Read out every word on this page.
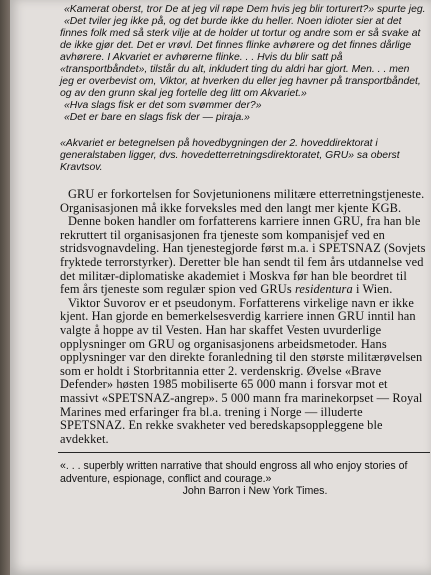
«Kamerat oberst, tror De at jeg vil røpe Dem hvis jeg blir torturert?» spurte jeg.

«Det tviler jeg ikke på, og det burde ikke du heller. Noen idioter sier at det finnes folk med så sterk vilje at de holder ut tortur og andre som er så svake at de ikke gjør det. Det er vrøvl. Det finnes flinke avhørere og det finnes dårlige avhørere. I Akvariet er avhørerne flinke. . . Hvis du blir satt på «transportbåndet», tilstår du alt, inkludert ting du aldri har gjort. Men. . . men jeg er overbevist om, Viktor, at hverken du eller jeg havner på transportbåndet, og av den grunn skal jeg fortelle deg litt om Akvariet.»

«Hva slags fisk er det som svømmer der?»

«Det er bare en slags fisk der — piraja.»

«Akvariet er betegnelsen på hovedbygningen der 2. hoveddirektorat i generalstaben ligger, dvs. hovedetterretningsdirektoratet, GRU» sa oberst Kravtsov.

GRU er forkortelsen for Sovjetunionens militære etterretningstjeneste. Organisasjonen må ikke forveksles med den langt mer kjente KGB.

Denne boken handler om forfatterens karriere innen GRU, fra han ble rekruttert til organisasjonen fra tjeneste som kompanisjef ved en stridsvognavdeling. Han tjenestegjorde først m.a. i SPETSNAZ (Sovjets fryktede terrorstyrker). Deretter ble han sendt til fem års utdannelse ved det militær-diplomatiske akademiet i Moskva før han ble beordret til fem års tjeneste som regulær spion ved GRUs residentura i Wien.

Viktor Suvorov er et pseudonym. Forfatterens virkelige navn er ikke kjent. Han gjorde en bemerkelsesverdig karriere innen GRU inntil han valgte å hoppe av til Vesten. Han har skaffet Vesten uvurderlige opplysninger om GRU og organisasjonens arbeidsmetoder. Hans opplysninger var den direkte foranledning til den største militærøvelsen som er holdt i Storbritannia etter 2. verdenskrig. Øvelse «Brave Defender» høsten 1985 mobiliserte 65 000 mann i forsvar mot et massivt «SPETSNAZ-angrep». 5 000 mann fra marinekorpset — Royal Marines med erfaringer fra bl.a. trening i Norge — illuderte SPETSNAZ. En rekke svakheter ved beredskapsoppleggene ble avdekket.

«. . . superbly written narrative that should engross all who enjoy stories of adventure, espionage, conflict and courage.»

John Barron i New York Times.
